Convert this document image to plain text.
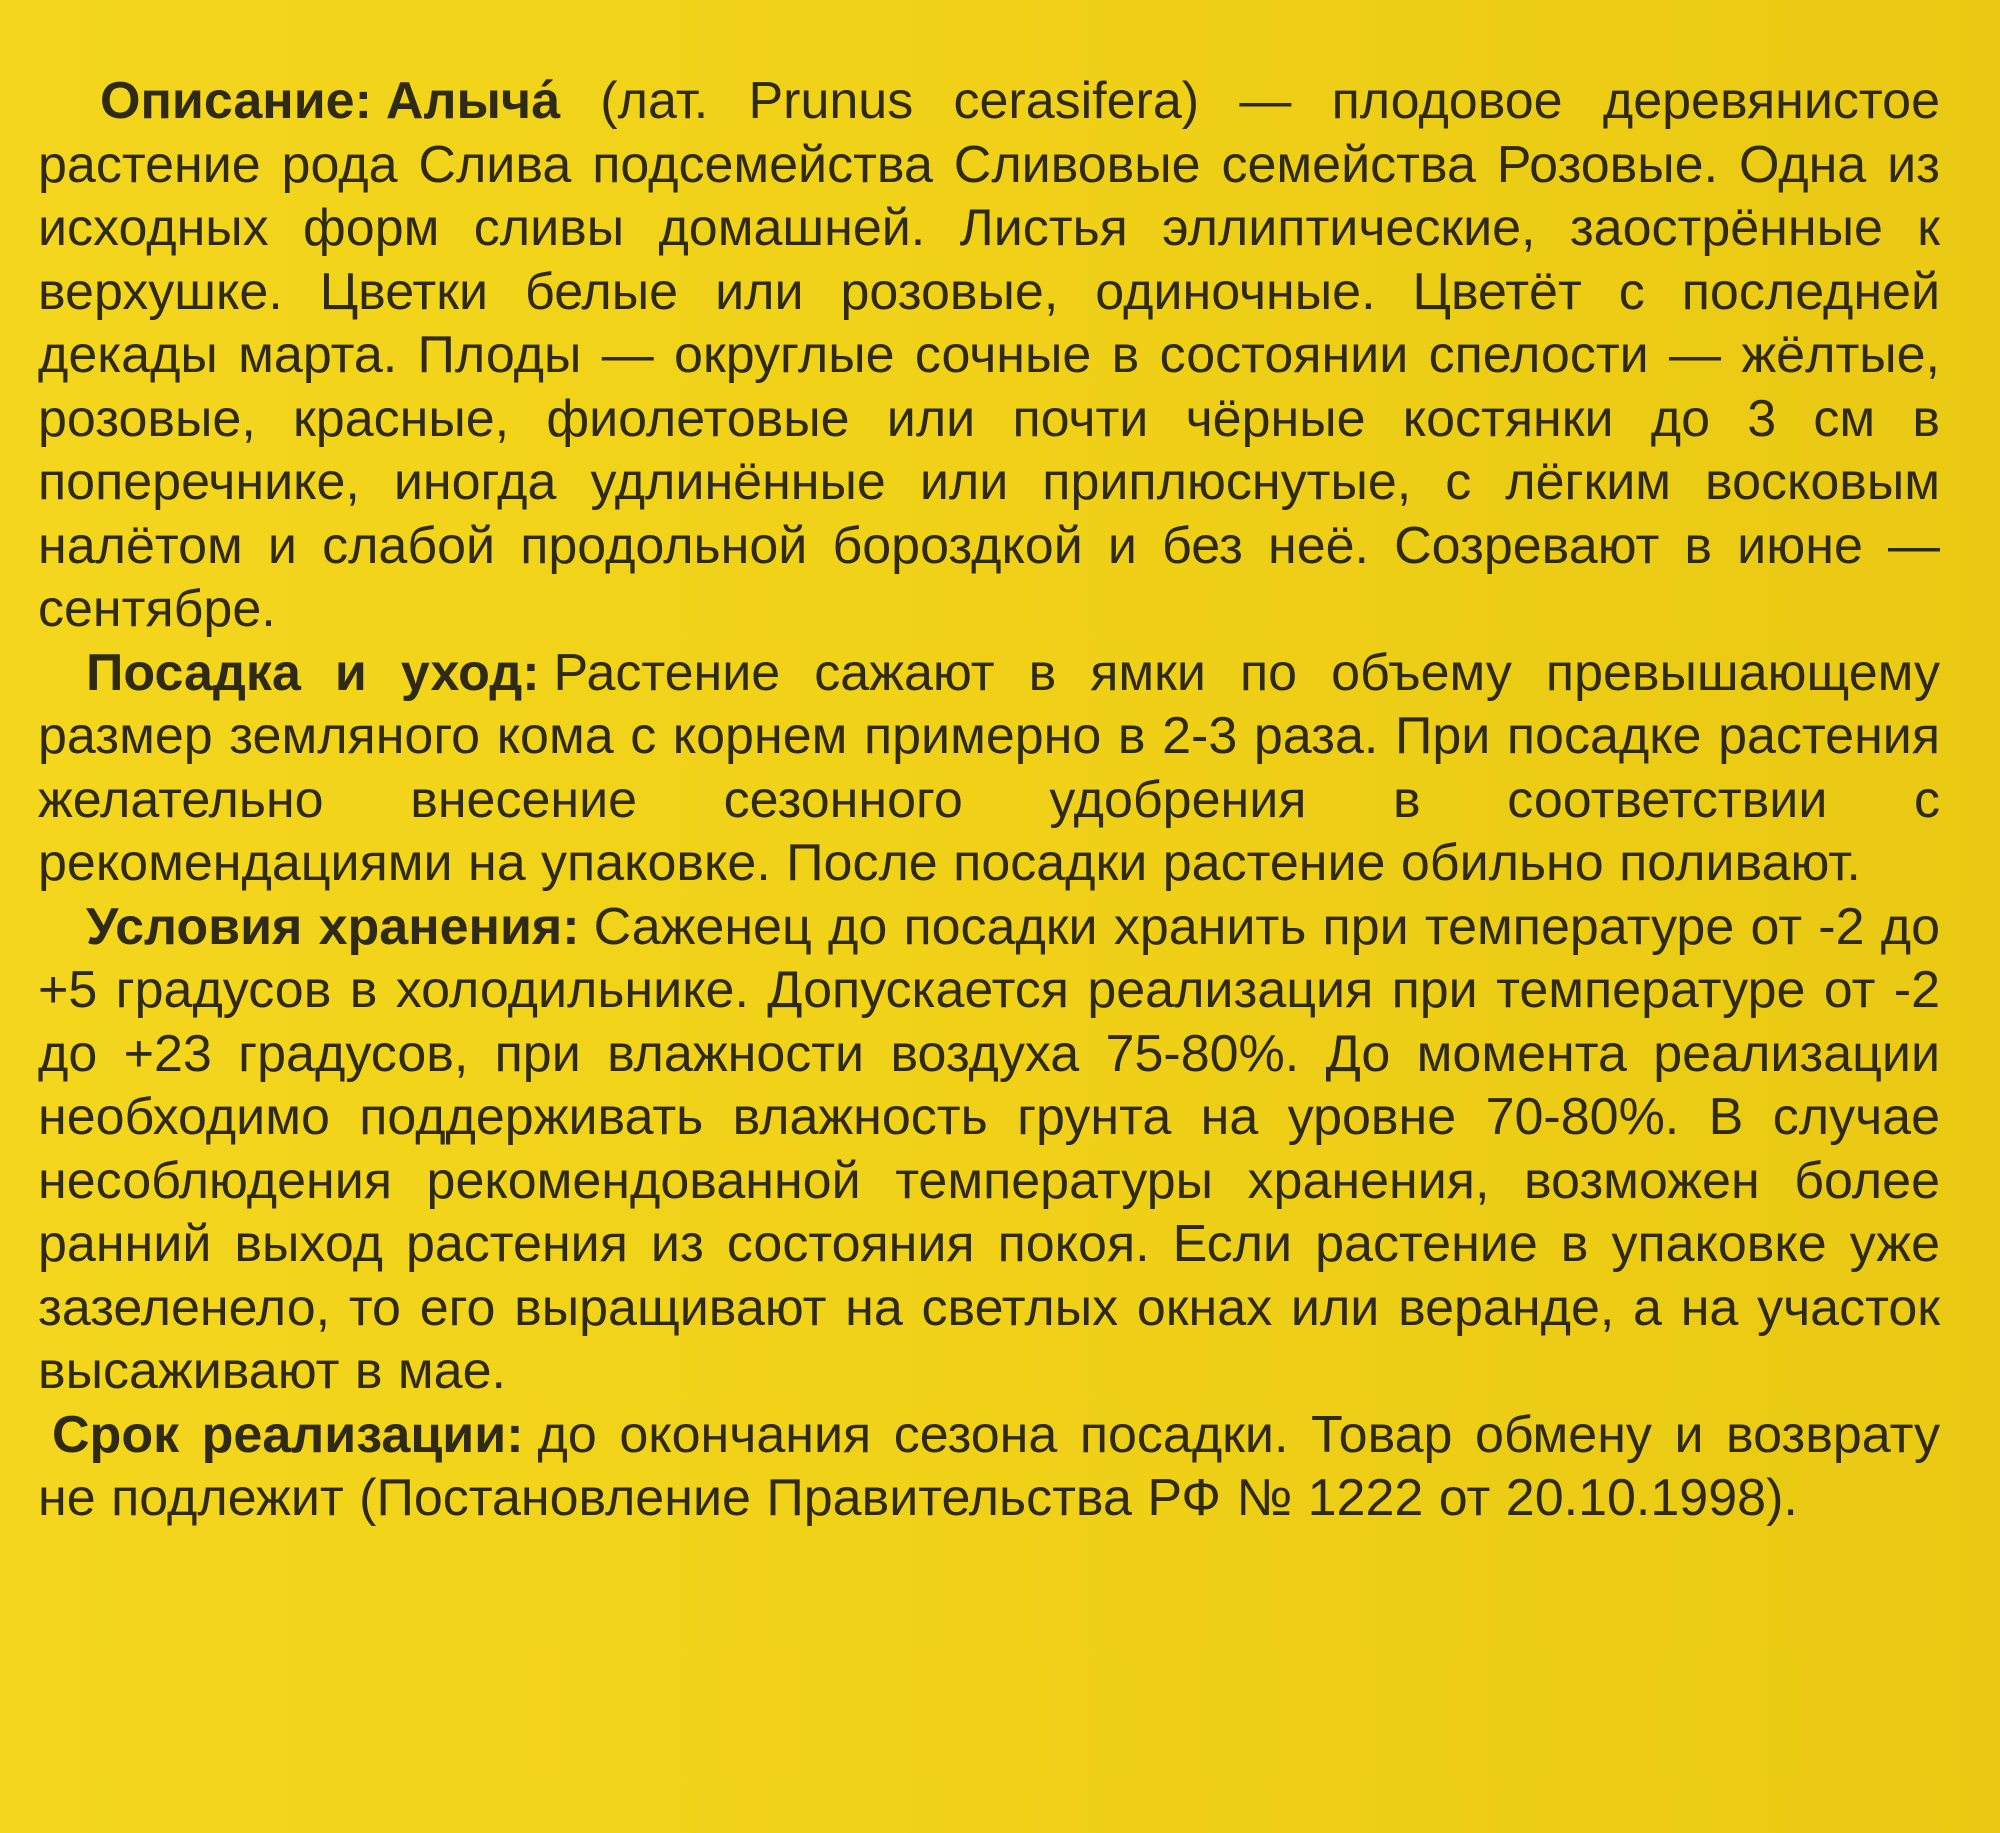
Описание: Алыча́ (лат. Prunus cerasifera) — плодовое деревянистое растение рода Слива подсемейства Сливовые семейства Розовые. Одна из исходных форм сливы домашней. Листья эллиптические, заострённые к верхушке. Цветки белые или розовые, одиночные. Цветёт с последней декады марта. Плоды — округлые сочные в состоянии спелости — жёлтые, розовые, красные, фиолетовые или почти чёрные костянки до 3 см в поперечнике, иногда удлинённые или приплюснутые, с лёгким восковым налётом и слабой продольной бороздкой и без неё. Созревают в июне — сентябре.

Посадка и уход: Растение сажают в ямки по объему превышающему размер земляного кома с корнем примерно в 2-3 раза. При посадке растения желательно внесение сезонного удобрения в соответствии с рекомендациями на упаковке. После посадки растение обильно поливают.

Условия хранения: Саженец до посадки хранить при температуре от -2 до +5 градусов в холодильнике. Допускается реализация при температуре от -2 до +23 градусов, при влажности воздуха 75-80%. До момента реализации необходимо поддерживать влажность грунта на уровне 70-80%. В случае несоблюдения рекомендованной температуры хранения, возможен более ранний выход растения из состояния покоя. Если растение в упаковке уже зазеленело, то его выращивают на светлых окнах или веранде, а на участок высаживают в мае.

Срок реализации: до окончания сезона посадки. Товар обмену и возврату не подлежит (Постановление Правительства РФ № 1222 от 20.10.1998).
